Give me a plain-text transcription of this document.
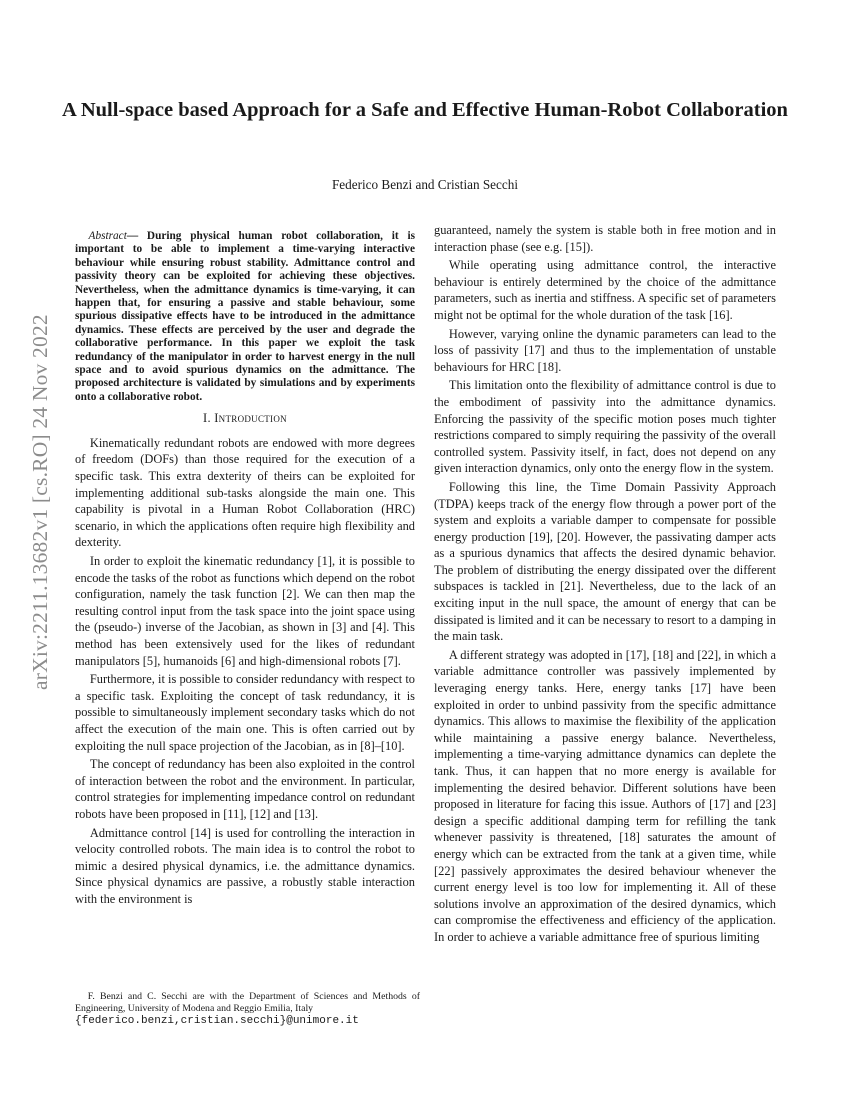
A Null-space based Approach for a Safe and Effective Human-Robot Collaboration
Federico Benzi and Cristian Secchi
arXiv:2211.13682v1 [cs.RO] 24 Nov 2022

Abstract— During physical human robot collaboration, it is important to be able to implement a time-varying interactive behaviour while ensuring robust stability. Admittance control and passivity theory can be exploited for achieving these objectives. Nevertheless, when the admittance dynamics is time-varying, it can happen that, for ensuring a passive and stable behaviour, some spurious dissipative effects have to be introduced in the admittance dynamics. These effects are perceived by the user and degrade the collaborative performance. In this paper we exploit the task redundancy of the manipulator in order to harvest energy in the null space and to avoid spurious dynamics on the admittance. The proposed architecture is validated by simulations and by experiments onto a collaborative robot.

I. Introduction

Kinematically redundant robots are endowed with more degrees of freedom (DOFs) than those required for the execution of a specific task. This extra dexterity of theirs can be exploited for implementing additional sub-tasks alongside the main one. This capability is pivotal in a Human Robot Collaboration (HRC) scenario, in which the applications often require high flexibility and dexterity.

In order to exploit the kinematic redundancy [1], it is possible to encode the tasks of the robot as functions which depend on the robot configuration, namely the task function [2]. We can then map the resulting control input from the task space into the joint space using the (pseudo-) inverse of the Jacobian, as shown in [3] and [4]. This method has been extensively used for the likes of redundant manipulators [5], humanoids [6] and high-dimensional robots [7].

Furthermore, it is possible to consider redundancy with respect to a specific task. Exploiting the concept of task redundancy, it is possible to simultaneously implement secondary tasks which do not affect the execution of the main one. This is often carried out by exploiting the null space projection of the Jacobian, as in [8]–[10].

The concept of redundancy has been also exploited in the control of interaction between the robot and the environment. In particular, control strategies for implementing impedance control on redundant robots have been proposed in [11], [12] and [13].

Admittance control [14] is used for controlling the interaction in velocity controlled robots. The main idea is to control the robot to mimic a desired physical dynamics, i.e. the admittance dynamics. Since physical dynamics are passive, a robustly stable interaction with the environment is

guaranteed, namely the system is stable both in free motion and in interaction phase (see e.g. [15]).

While operating using admittance control, the interactive behaviour is entirely determined by the choice of the admittance parameters, such as inertia and stiffness. A specific set of parameters might not be optimal for the whole duration of the task [16].

However, varying online the dynamic parameters can lead to the loss of passivity [17] and thus to the implementation of unstable behaviours for HRC [18].

This limitation onto the flexibility of admittance control is due to the embodiment of passivity into the admittance dynamics. Enforcing the passivity of the specific motion poses much tighter restrictions compared to simply requiring the passivity of the overall controlled system. Passivity itself, in fact, does not depend on any given interaction dynamics, only onto the energy flow in the system.

Following this line, the Time Domain Passivity Approach (TDPA) keeps track of the energy flow through a power port of the system and exploits a variable damper to compensate for possible energy production [19], [20]. However, the passivating damper acts as a spurious dynamics that affects the desired dynamic behavior. The problem of distributing the energy dissipated over the different subspaces is tackled in [21]. Nevertheless, due to the lack of an exciting input in the null space, the amount of energy that can be dissipated is limited and it can be necessary to resort to a damping in the main task.

A different strategy was adopted in [17], [18] and [22], in which a variable admittance controller was passively implemented by leveraging energy tanks. Here, energy tanks [17] have been exploited in order to unbind passivity from the specific admittance dynamics. This allows to maximise the flexibility of the application while maintaining a passive energy balance. Nevertheless, implementing a time-varying admittance dynamics can deplete the tank. Thus, it can happen that no more energy is available for implementing the desired behavior. Different solutions have been proposed in literature for facing this issue. Authors of [17] and [23] design a specific additional damping term for refilling the tank whenever passivity is threatened, [18] saturates the amount of energy which can be extracted from the tank at a given time, while [22] passively approximates the desired behaviour whenever the current energy level is too low for implementing it. All of these solutions involve an approximation of the desired dynamics, which can compromise the effectiveness and efficiency of the application. In order to achieve a variable admittance free of spurious limiting

F. Benzi and C. Secchi are with the Department of Sciences and Methods of Engineering, University of Modena and Reggio Emilia, Italy

{federico.benzi,cristian.secchi}@unimore.it
